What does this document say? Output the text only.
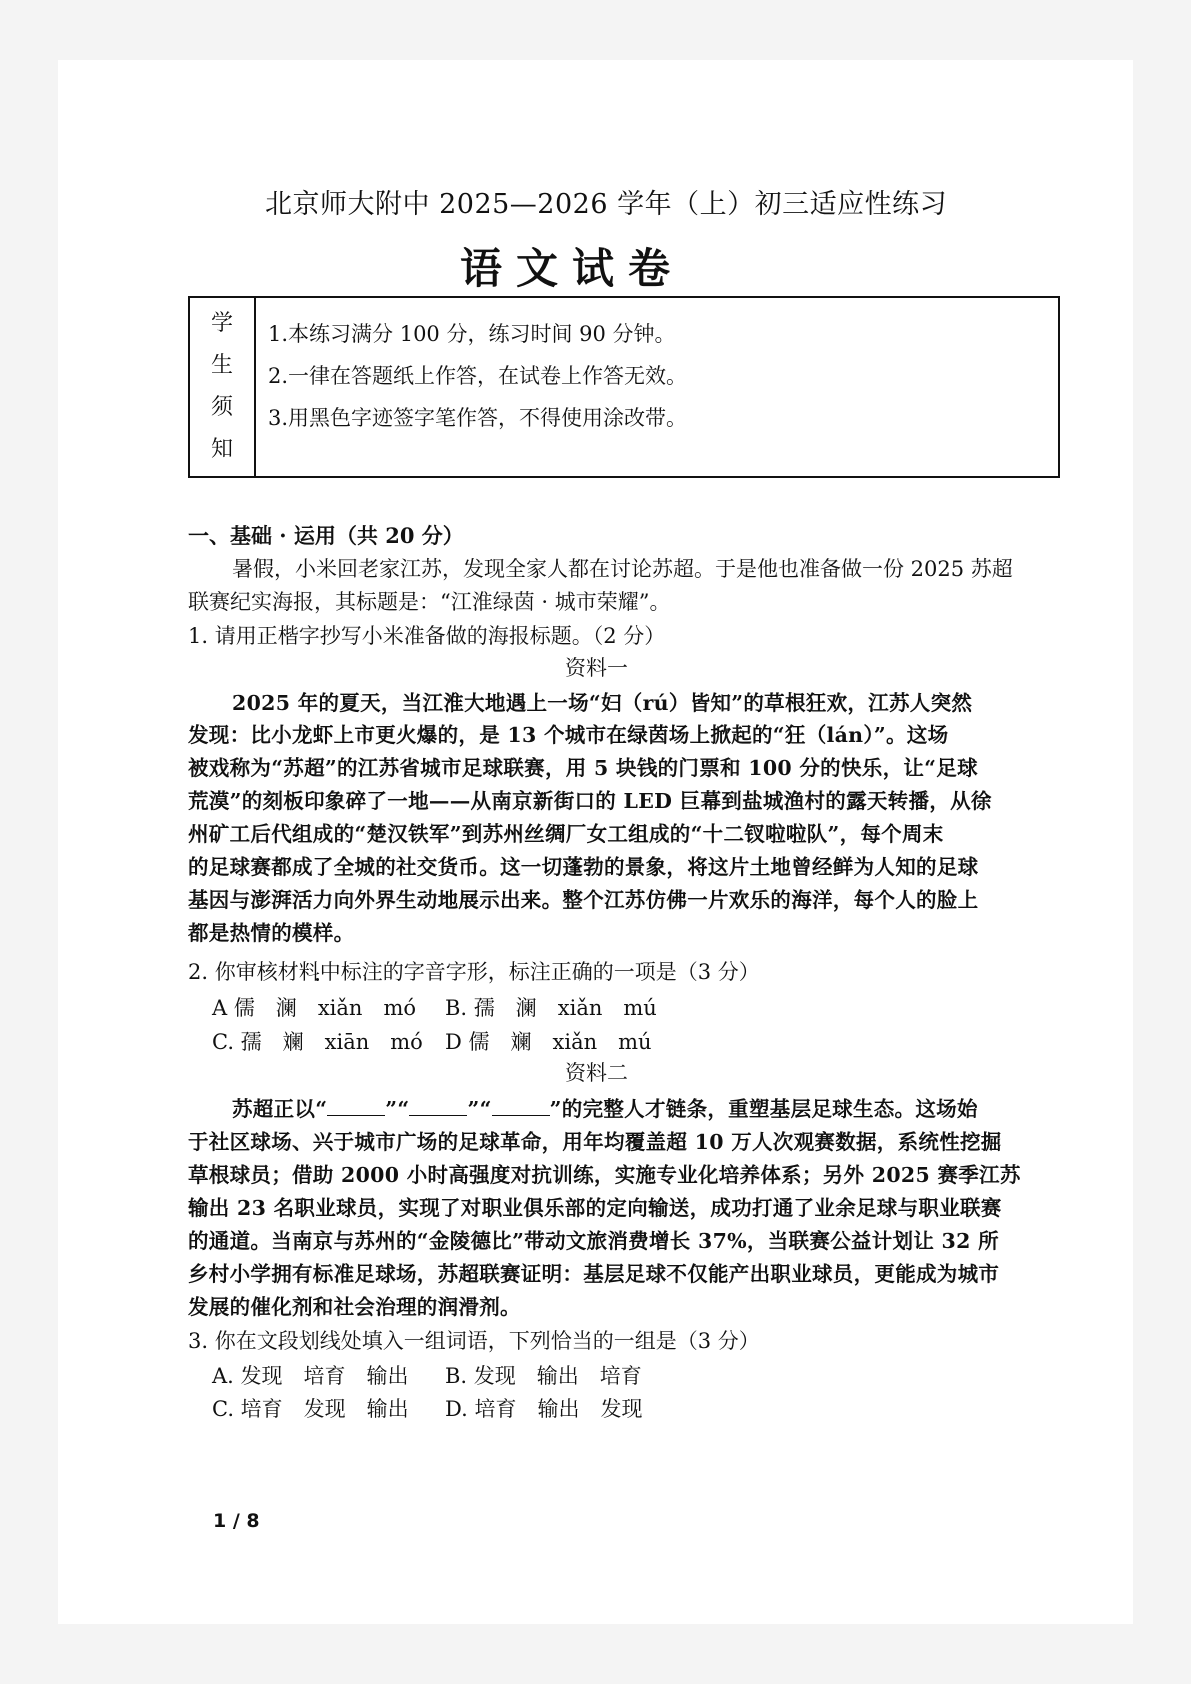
北京师大附中 2025—2026 学年（上）初三适应性练习
语文试卷
学
生
须
知
1.本练习满分 100 分，练习时间 90 分钟。
2.一律在答题纸上作答，在试卷上作答无效。
3.用黑色字迹签字笔作答，不得使用涂改带。
一、基础 · 运用（共 20 分）
暑假，小米回老家江苏，发现全家人都在讨论苏超。于是他也准备做一份 2025 苏超
联赛纪实海报，其标题是：“江淮绿茵 · 城市荣耀”。
1. 请用正楷字抄写小米准备做的海报标题。（2 分）
资料一
2025 年的夏天，当江淮大地遇上一场“妇（rú）皆知”的草根狂欢，江苏人突然
发现：比小龙虾上市更火爆的，是 13 个城市在绿茵场上掀起的“狂（lán）”。这场
被戏称为“苏超”的江苏省城市足球联赛，用 5 块钱的门票和 100 分的快乐，让“足球
荒漠”的刻板印象碎了一地——从南京新街口的 LED 巨幕到盐城渔村的露天转播，从徐
州矿工后代组成的“楚汉铁军”到苏州丝绸厂女工组成的“十二钗啦啦队”，每个周末
的足球赛都成了全城的社交货币。这一切蓬勃的景象，将这片土地曾经鲜为人知的足球
基因与澎湃活力向外界生动地展示出来。整个江苏仿佛一片欢乐的海洋，每个人的脸上
都是热情的模样。
2. 你审核材料中标注的字音字形，标注正确的一项是（3 分）
A 儒　澜　xiǎn　mó B. 孺　澜　xiǎn　mú
C. 孺　斓　xiān　mó D 儒　斓　xiǎn　mú
资料二
苏超正以“	”“	”“	”的完整人才链条，重塑基层足球生态。这场始
于社区球场、兴于城市广场的足球革命，用年均覆盖超 10 万人次观赛数据，系统性挖掘
草根球员；借助 2000 小时高强度对抗训练，实施专业化培养体系；另外 2025 赛季江苏
输出 23 名职业球员，实现了对职业俱乐部的定向输送，成功打通了业余足球与职业联赛
的通道。当南京与苏州的“金陵德比”带动文旅消费增长 37%，当联赛公益计划让 32 所
乡村小学拥有标准足球场，苏超联赛证明：基层足球不仅能产出职业球员，更能成为城市
发展的催化剂和社会治理的润滑剂。
3. 你在文段划线处填入一组词语，下列恰当的一组是（3 分）
A. 发现　培育　输出 B. 发现　输出　培育
C. 培育　发现　输出 D. 培育　输出　发现
1 / 8
